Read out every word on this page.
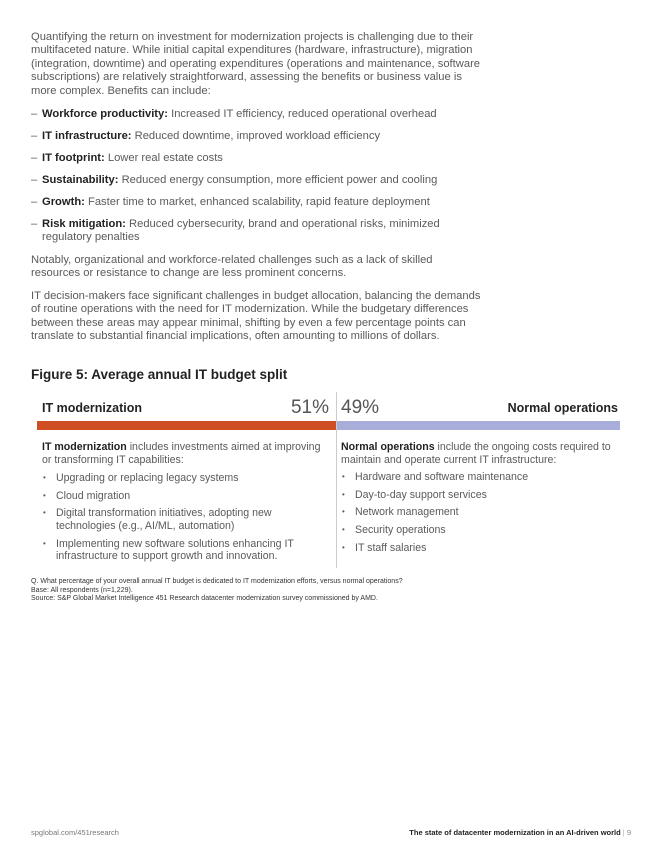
Quantifying the return on investment for modernization projects is challenging due to their multifaceted nature. While initial capital expenditures (hardware, infrastructure), migration (integration, downtime) and operating expenditures (operations and maintenance, software subscriptions) are relatively straightforward, assessing the benefits or business value is more complex. Benefits can include:

– Workforce productivity: Increased IT efficiency, reduced operational overhead
– IT infrastructure: Reduced downtime, improved workload efficiency
– IT footprint: Lower real estate costs
– Sustainability: Reduced energy consumption, more efficient power and cooling
– Growth: Faster time to market, enhanced scalability, rapid feature deployment
– Risk mitigation: Reduced cybersecurity, brand and operational risks, minimized regulatory penalties

Notably, organizational and workforce-related challenges such as a lack of skilled resources or resistance to change are less prominent concerns.

IT decision-makers face significant challenges in budget allocation, balancing the demands of routine operations with the need for IT modernization. While the budgetary differences between these areas may appear minimal, shifting by even a few percentage points can translate to substantial financial implications, often amounting to millions of dollars.

Figure 5: Average annual IT budget split
IT modernization	51% 49%	Normal operations

IT modernization includes investments aimed at improving or transforming IT capabilities:

• Upgrading or replacing legacy systems
• Cloud migration
• Digital transformation initiatives, adopting new technologies (e.g., AI/ML, automation)
• Implementing new software solutions enhancing IT infrastructure to support growth and innovation.

Normal operations include the ongoing costs required to maintain and operate current IT infrastructure:

• Hardware and software maintenance
• Day-to-day support services
• Network management
• Security operations
• IT staff salaries
Q. What percentage of your overall annual IT budget is dedicated to IT modernization efforts, versus normal operations?
Base: All respondents (n=1,229).
Source: S&P Global Market Intelligence 451 Research datacenter modernization survey commissioned by AMD.
spglobal.com/451research	The state of datacenter modernization in an AI-driven world | 9
